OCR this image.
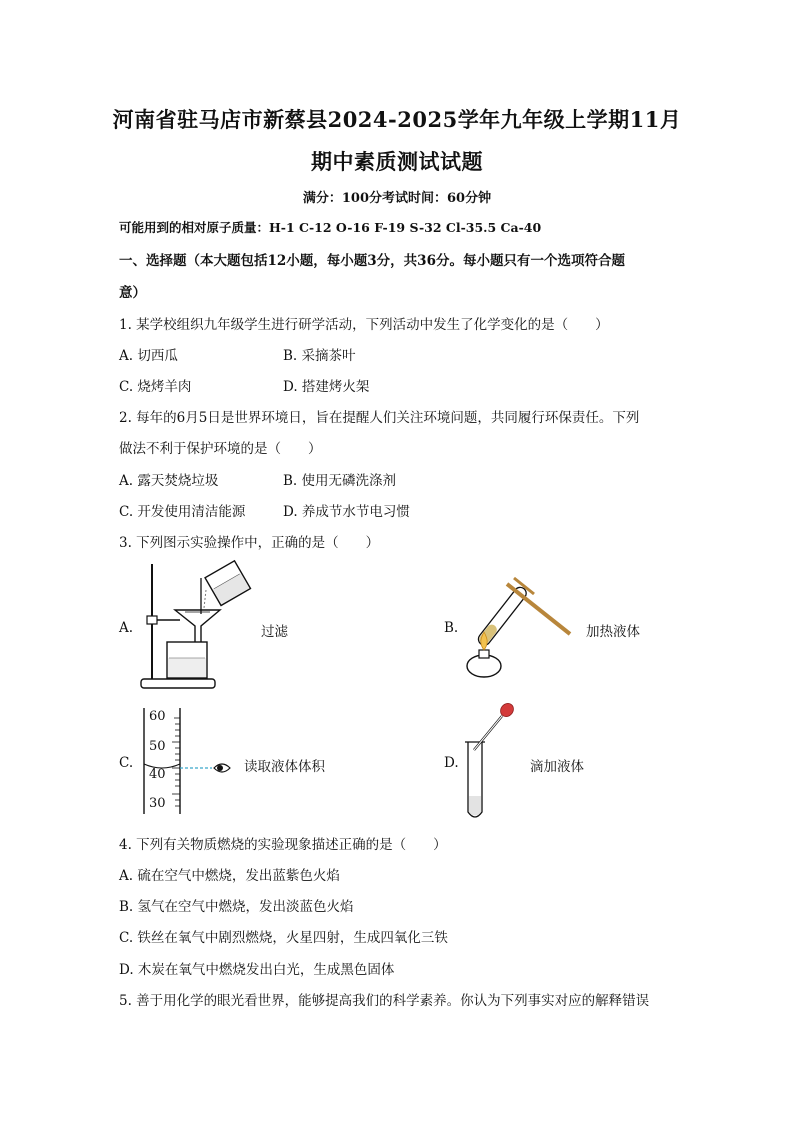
河南省驻马店市新蔡县2024-2025学年九年级上学期11月
期中素质测试试题
满分：100分考试时间：60分钟
可能用到的相对原子质量：H-1 C-12 O-16 F-19 S-32 Cl-35.5 Ca-40
一、选择题（本大题包括12小题，每小题3分，共36分。每小题只有一个选项符合题
意）
1. 某学校组织九年级学生进行研学活动，下列活动中发生了化学变化的是（　　）
A. 切西瓜	B. 采摘茶叶
C. 烧烤羊肉	D. 搭建烤火架
2. 每年的6月5日是世界环境日，旨在提醒人们关注环境问题，共同履行环保责任。下列
做法不利于保护环境的是（　　）
A. 露天焚烧垃圾	B. 使用无磷洗涤剂
C. 开发使用清洁能源	D. 养成节水节电习惯
3. 下列图示实验操作中，正确的是（　　）
A.	过滤	B.	加热液体
C.
60
50
40
30
读取液体体积	D.	滴加液体
4. 下列有关物质燃烧的实验现象描述正确的是（　　）
A. 硫在空气中燃烧，发出蓝紫色火焰
B. 氢气在空气中燃烧，发出淡蓝色火焰
C. 铁丝在氧气中剧烈燃烧，火星四射，生成四氧化三铁
D. 木炭在氧气中燃烧发出白光，生成黑色固体
5. 善于用化学的眼光看世界，能够提高我们的科学素养。你认为下列事实对应的解释错误
